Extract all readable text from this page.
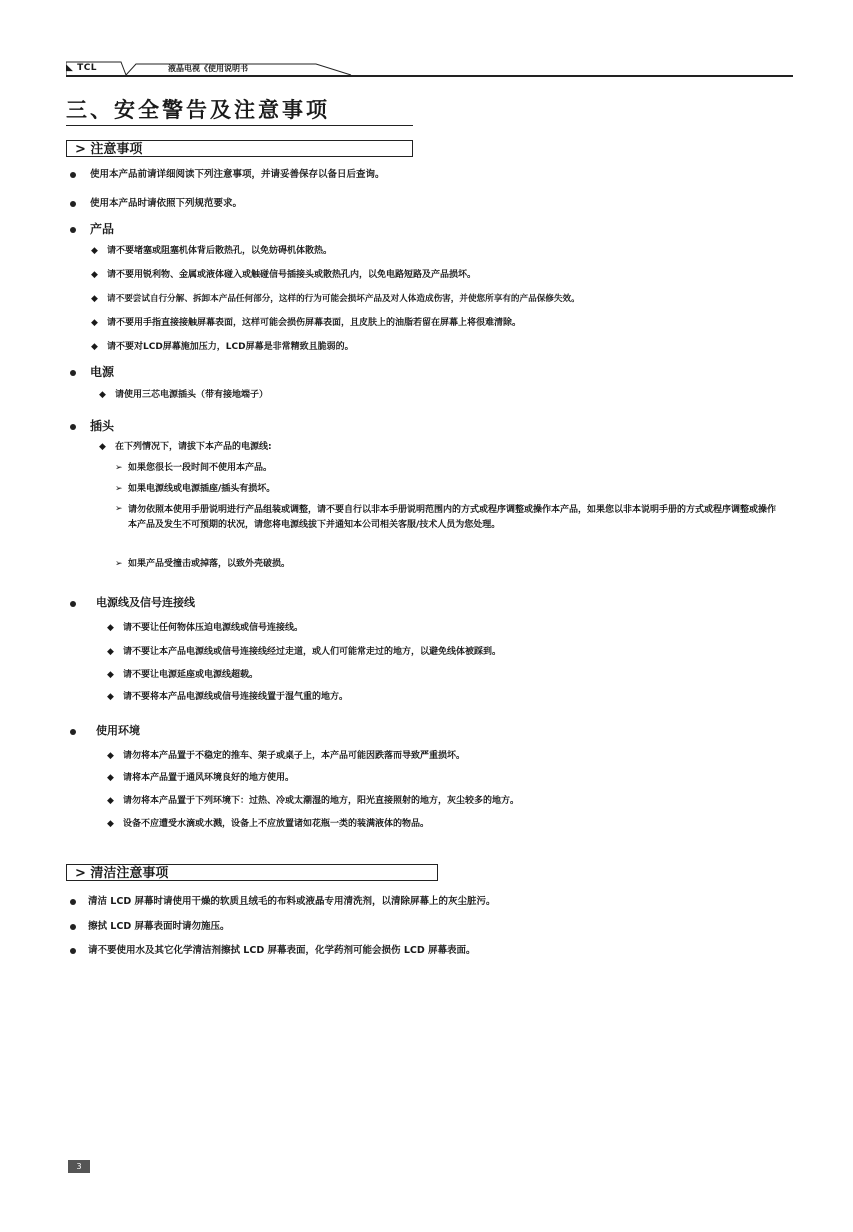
◣ TCL	液晶电视《使用说明书
三、安全警告及注意事项
> 注意事项
使用本产品前请详细阅读下列注意事项，并请妥善保存以备日后查询。
使用本产品时请依照下列规范要求。
产品
◆ 请不要堵塞或阻塞机体背后散热孔，以免妨碍机体散热。
◆ 请不要用锐利物、金属或液体碰入或触碰信号插接头或散热孔内，以免电路短路及产品损坏。
◆ 请不要尝试自行分解、拆卸本产品任何部分，这样的行为可能会损坏产品及对人体造成伤害，并使您所享有的产品保修失效。
◆ 请不要用手指直接接触屏幕表面，这样可能会损伤屏幕表面，且皮肤上的油脂若留在屏幕上将很难清除。
◆ 请不要对LCD屏幕施加压力，LCD屏幕是非常精致且脆弱的。
电源
◆ 请使用三芯电源插头（带有接地端子）
插头
◆ 在下列情况下，请拔下本产品的电源线:
➢ 如果您很长一段时间不使用本产品。
➢ 如果电源线或电源插座/插头有损坏。
➢ 请勿依照本使用手册说明进行产品组装或调整，请不要自行以非本手册说明范围内的方式或程序调整或操作本产品，如果您以非本说明手册的方式或程序调整或操作本产品及发生不可预期的状况，请您将电源线拔下并通知本公司相关客服/技术人员为您处理。
➢ 如果产品受撞击或掉落，以致外壳破损。
电源线及信号连接线
◆ 请不要让任何物体压迫电源线或信号连接线。
◆ 请不要让本产品电源线或信号连接线经过走道，或人们可能常走过的地方，以避免线体被踩到。
◆ 请不要让电源延座或电源线超载。
◆ 请不要将本产品电源线或信号连接线置于湿气重的地方。
使用环境
◆ 请勿将本产品置于不稳定的推车、架子或桌子上，本产品可能因跌落而导致严重损坏。
◆ 请将本产品置于通风环境良好的地方使用。
◆ 请勿将本产品置于下列环境下：过热、冷或太潮湿的地方，阳光直接照射的地方，灰尘较多的地方。
◆ 设备不应遭受水滴或水溅，设备上不应放置诸如花瓶一类的装满液体的物品。
> 清洁注意事项
清洁 LCD 屏幕时请使用干燥的软质且绒毛的布料或液晶专用清洗剂，以清除屏幕上的灰尘脏污。
擦拭 LCD 屏幕表面时请勿施压。
请不要使用水及其它化学清洁剂擦拭 LCD 屏幕表面，化学药剂可能会损伤 LCD 屏幕表面。
3
